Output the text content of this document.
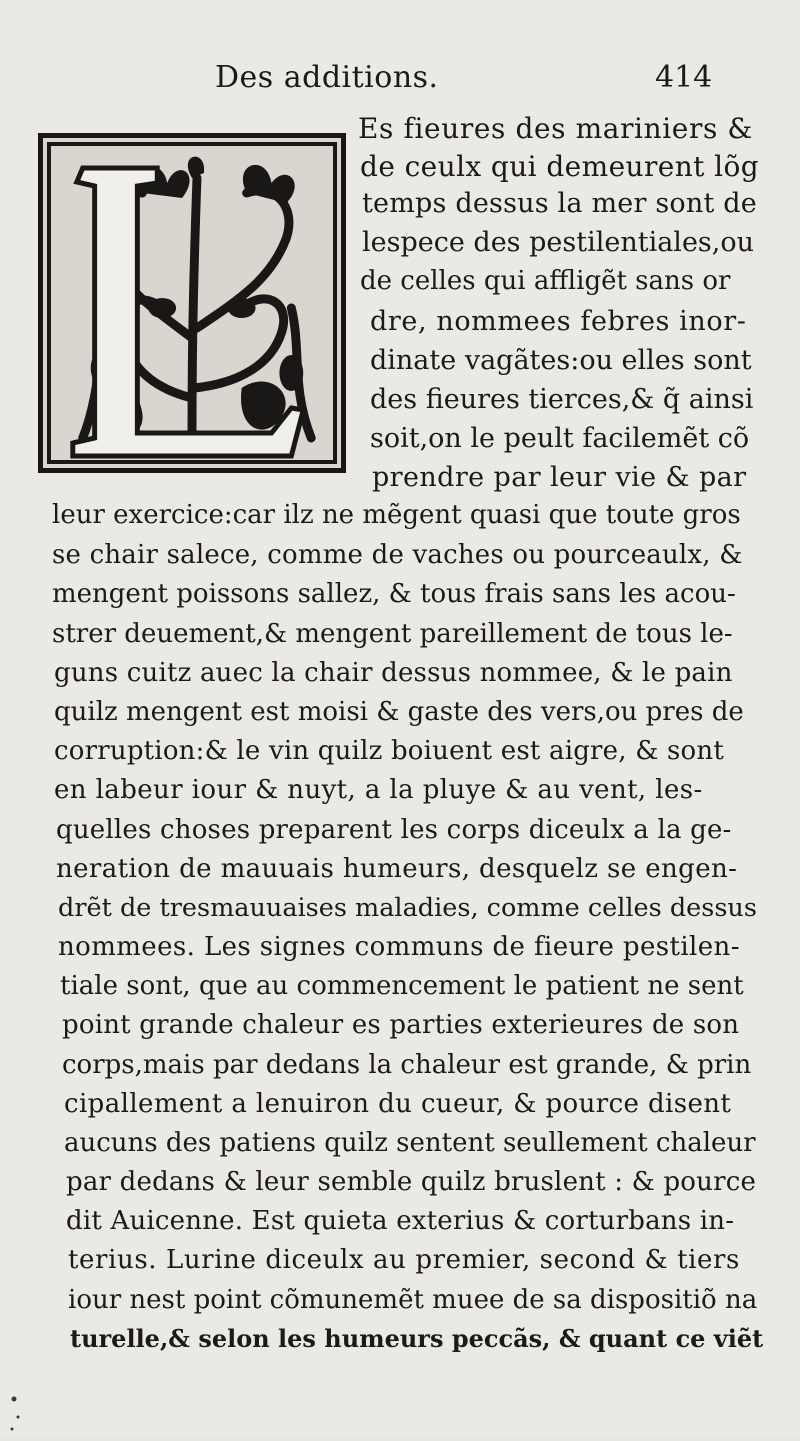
Des additions.	414
Es fieures des mariniers &
de ceulx qui demeurent lõg
temps dessus la mer sont de
lespece des pestilentiales,ou
de celles qui affligẽt sans or
dre, nommees febres inor-
dinate vagãtes:ou elles sont
des fieures tierces,& q̃ ainsi
soit,on le peult facilemẽt cõ
prendre par leur vie & par
leur exercice:car ilz ne mẽgent quasi que toute gros
se chair salece, comme de vaches ou pourceaulx, &
mengent poissons sallez, & tous frais sans les acou-
strer deuement,& mengent pareillement de tous le-
guns cuitz auec la chair dessus nommee, & le pain
quilz mengent est moisi & gaste des vers,ou pres de
corruption:& le vin quilz boiuent est aigre, & sont
en labeur iour & nuyt, a la pluye & au vent, les-
quelles choses preparent les corps diceulx a la ge-
neration de mauuais humeurs, desquelz se engen-
drẽt de tresmauuaises maladies, comme celles dessus
nommees. Les signes communs de fieure pestilen-
tiale sont, que au commencement le patient ne sent
point grande chaleur es parties exterieures de son
corps,mais par dedans la chaleur est grande, & prin
cipallement a lenuiron du cueur, & pource disent
aucuns des patiens quilz sentent seullement chaleur
par dedans & leur semble quilz bruslent : & pource
dit Auicenne. Est quieta exterius & corturbans in-
terius. Lurine diceulx au premier, second & tiers
iour nest point cõmunemẽt muee de sa dispositiõ na
turelle,& selon les humeurs peccãs, & quant ce viẽt
